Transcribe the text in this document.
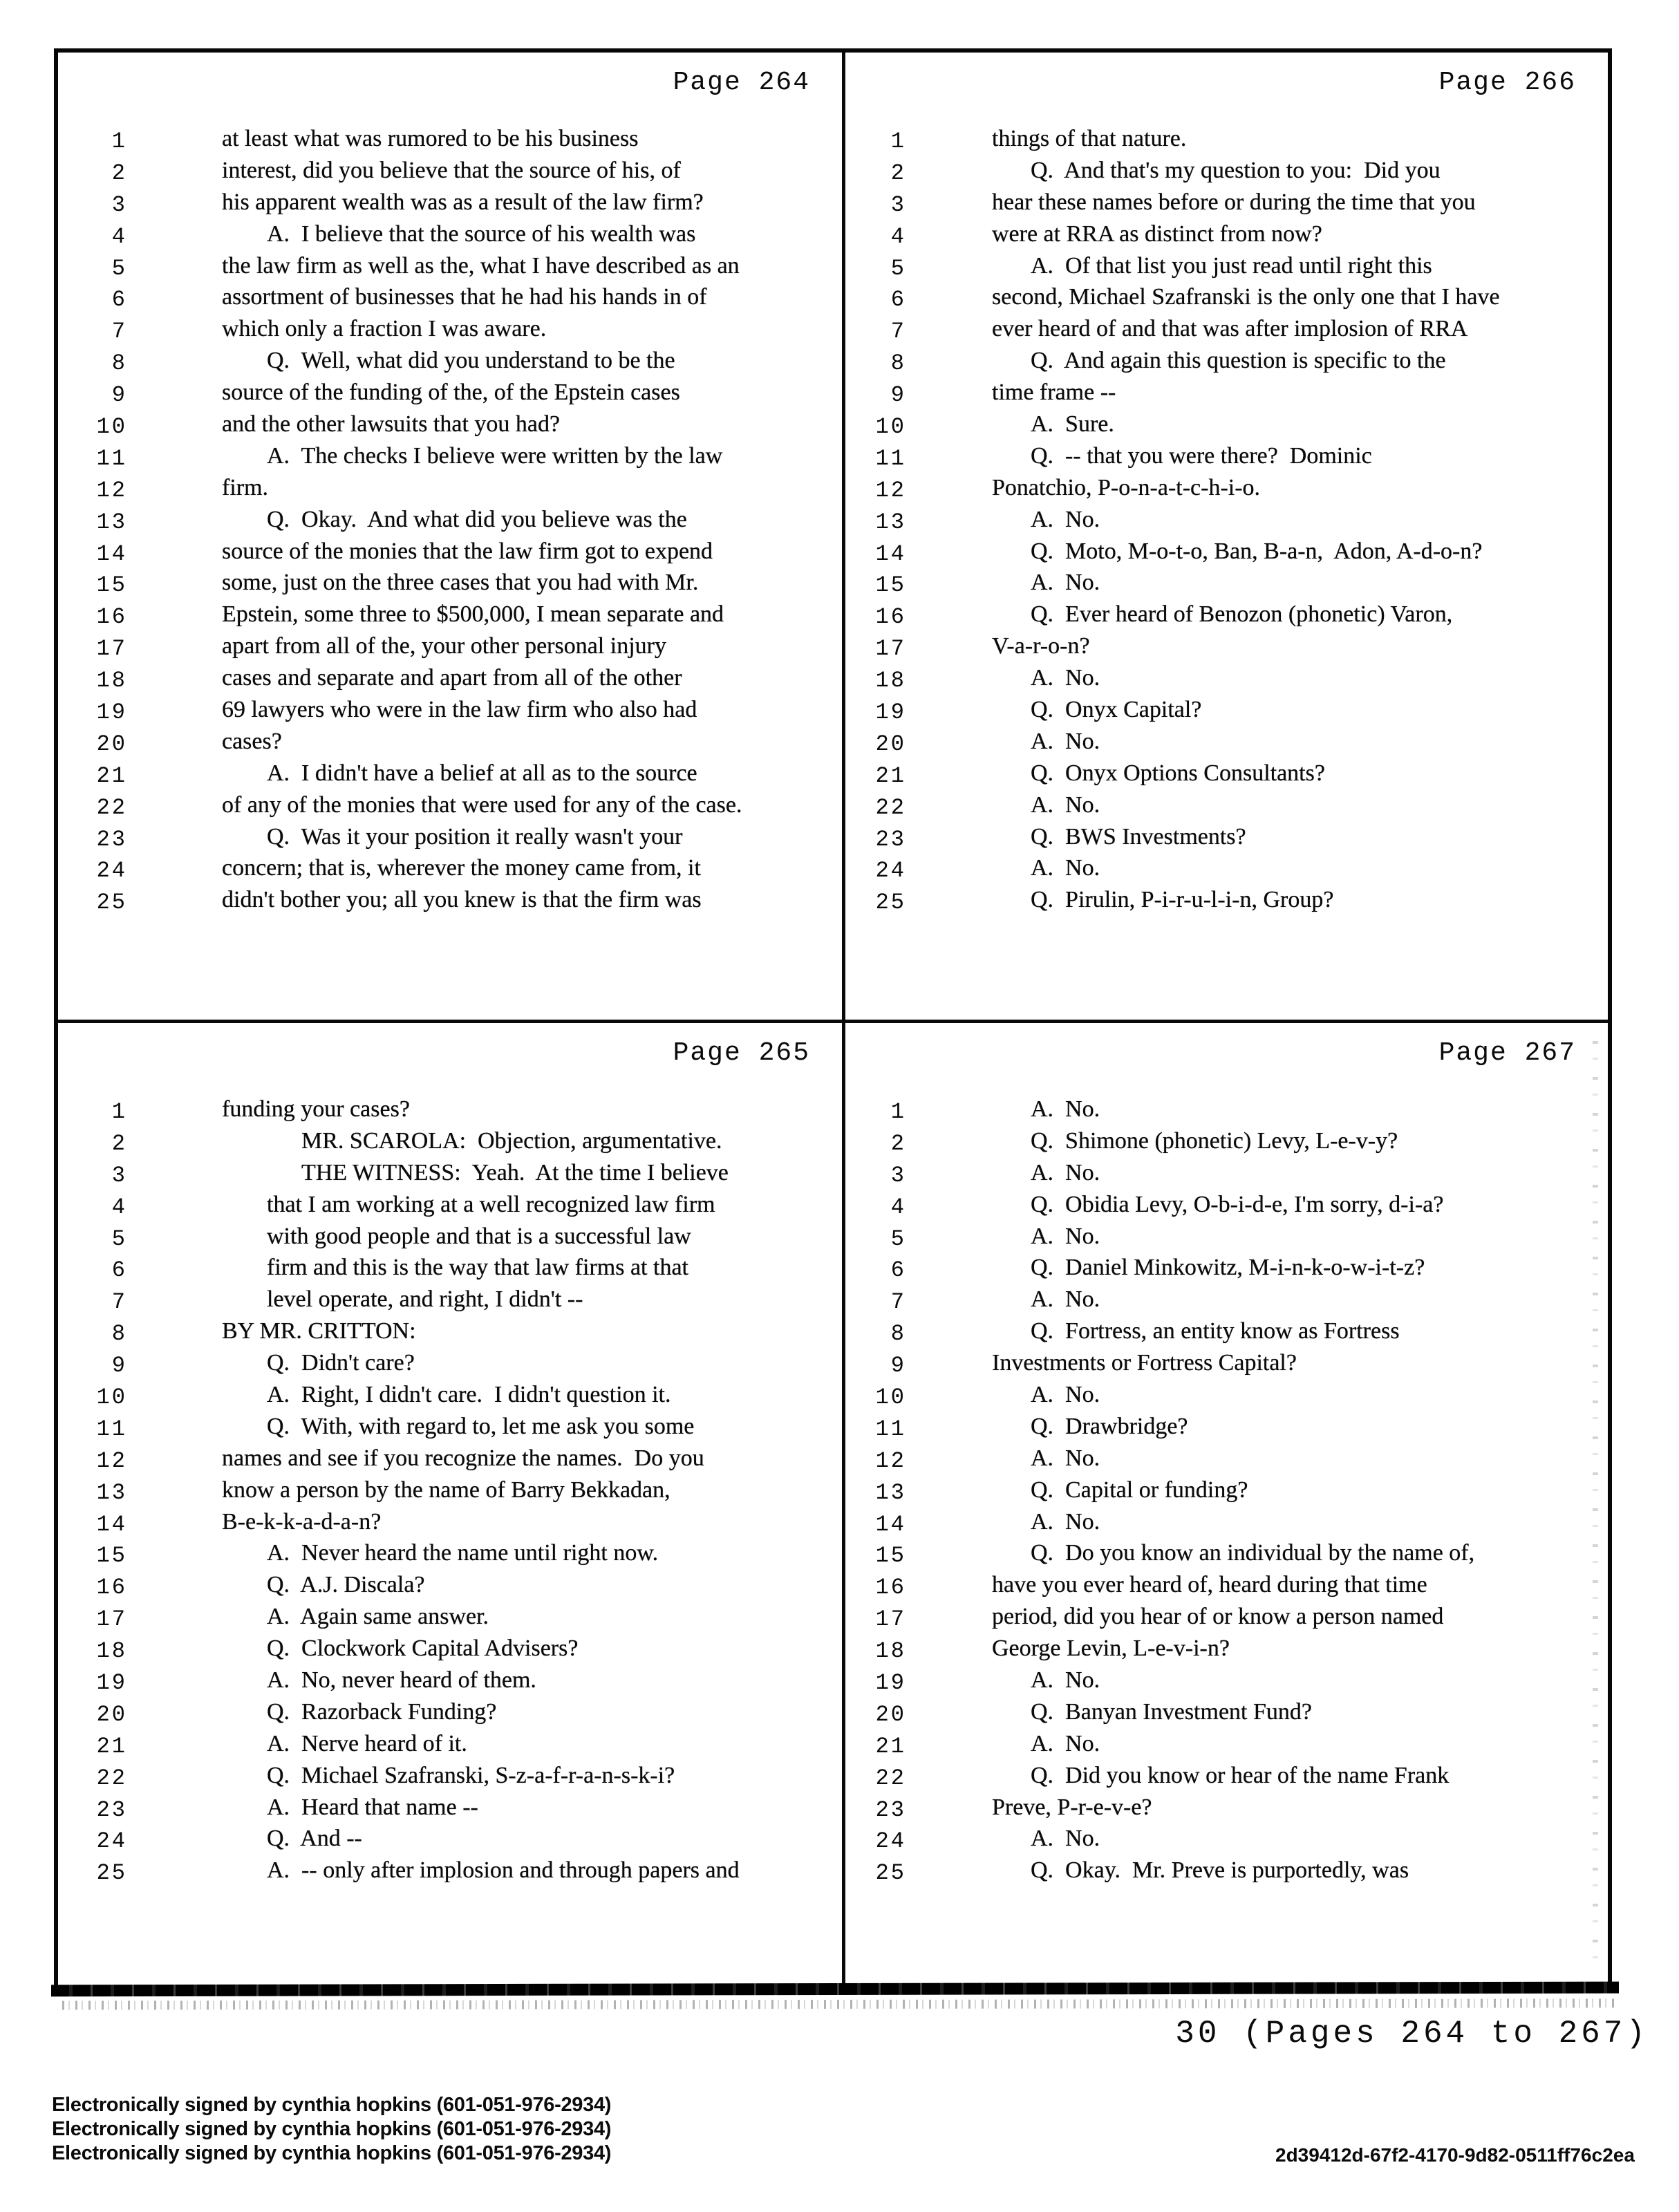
Page 264
1	at least what was rumored to be his business
2	interest, did you believe that the source of his, of
3	his apparent wealth was as a result of the law firm?
4	A.  I believe that the source of his wealth was
5	the law firm as well as the, what I have described as an
6	assortment of businesses that he had his hands in of
7	which only a fraction I was aware.
8	Q.  Well, what did you understand to be the
9	source of the funding of the, of the Epstein cases
10	and the other lawsuits that you had?
11	A.  The checks I believe were written by the law
12	firm.
13	Q.  Okay.  And what did you believe was the
14	source of the monies that the law firm got to expend
15	some, just on the three cases that you had with Mr.
16	Epstein, some three to $500,000, I mean separate and
17	apart from all of the, your other personal injury
18	cases and separate and apart from all of the other
19	69 lawyers who were in the law firm who also had
20	cases?
21	A.  I didn't have a belief at all as to the source
22	of any of the monies that were used for any of the case.
23	Q.  Was it your position it really wasn't your
24	concern; that is, wherever the money came from, it
25	didn't bother you; all you knew is that the firm was
Page 266
1	things of that nature.
2	Q.  And that's my question to you:  Did you
3	hear these names before or during the time that you
4	were at RRA as distinct from now?
5	A.  Of that list you just read until right this
6	second, Michael Szafranski is the only one that I have
7	ever heard of and that was after implosion of RRA
8	Q.  And again this question is specific to the
9	time frame --
10	A.  Sure.
11	Q.  -- that you were there?  Dominic
12	Ponatchio, P-o-n-a-t-c-h-i-o.
13	A.  No.
14	Q.  Moto, M-o-t-o, Ban, B-a-n,  Adon, A-d-o-n?
15	A.  No.
16	Q.  Ever heard of Benozon (phonetic) Varon,
17	V-a-r-o-n?
18	A.  No.
19	Q.  Onyx Capital?
20	A.  No.
21	Q.  Onyx Options Consultants?
22	A.  No.
23	Q.  BWS Investments?
24	A.  No.
25	Q.  Pirulin, P-i-r-u-l-i-n, Group?
Page 265
1	funding your cases?
2	MR. SCAROLA:  Objection, argumentative.
3	THE WITNESS:  Yeah.  At the time I believe
4	that I am working at a well recognized law firm
5	with good people and that is a successful law
6	firm and this is the way that law firms at that
7	level operate, and right, I didn't --
8	BY MR. CRITTON:
9	Q.  Didn't care?
10	A.  Right, I didn't care.  I didn't question it.
11	Q.  With, with regard to, let me ask you some
12	names and see if you recognize the names.  Do you
13	know a person by the name of Barry Bekkadan,
14	B-e-k-k-a-d-a-n?
15	A.  Never heard the name until right now.
16	Q.  A.J. Discala?
17	A.  Again same answer.
18	Q.  Clockwork Capital Advisers?
19	A.  No, never heard of them.
20	Q.  Razorback Funding?
21	A.  Nerve heard of it.
22	Q.  Michael Szafranski, S-z-a-f-r-a-n-s-k-i?
23	A.  Heard that name --
24	Q.  And --
25	A.  -- only after implosion and through papers and
Page 267
1	A.  No.
2	Q.  Shimone (phonetic) Levy, L-e-v-y?
3	A.  No.
4	Q.  Obidia Levy, O-b-i-d-e, I'm sorry, d-i-a?
5	A.  No.
6	Q.  Daniel Minkowitz, M-i-n-k-o-w-i-t-z?
7	A.  No.
8	Q.  Fortress, an entity know as Fortress
9	Investments or Fortress Capital?
10	A.  No.
11	Q.  Drawbridge?
12	A.  No.
13	Q.  Capital or funding?
14	A.  No.
15	Q.  Do you know an individual by the name of,
16	have you ever heard of, heard during that time
17	period, did you hear of or know a person named
18	George Levin, L-e-v-i-n?
19	A.  No.
20	Q.  Banyan Investment Fund?
21	A.  No.
22	Q.  Did you know or hear of the name Frank
23	Preve, P-r-e-v-e?
24	A.  No.
25	Q.  Okay.  Mr. Preve is purportedly, was
30 (Pages 264 to 267)
Electronically signed by cynthia hopkins (601-051-976-2934)
Electronically signed by cynthia hopkins (601-051-976-2934)
Electronically signed by cynthia hopkins (601-051-976-2934)	2d39412d-67f2-4170-9d82-0511ff76c2ea
